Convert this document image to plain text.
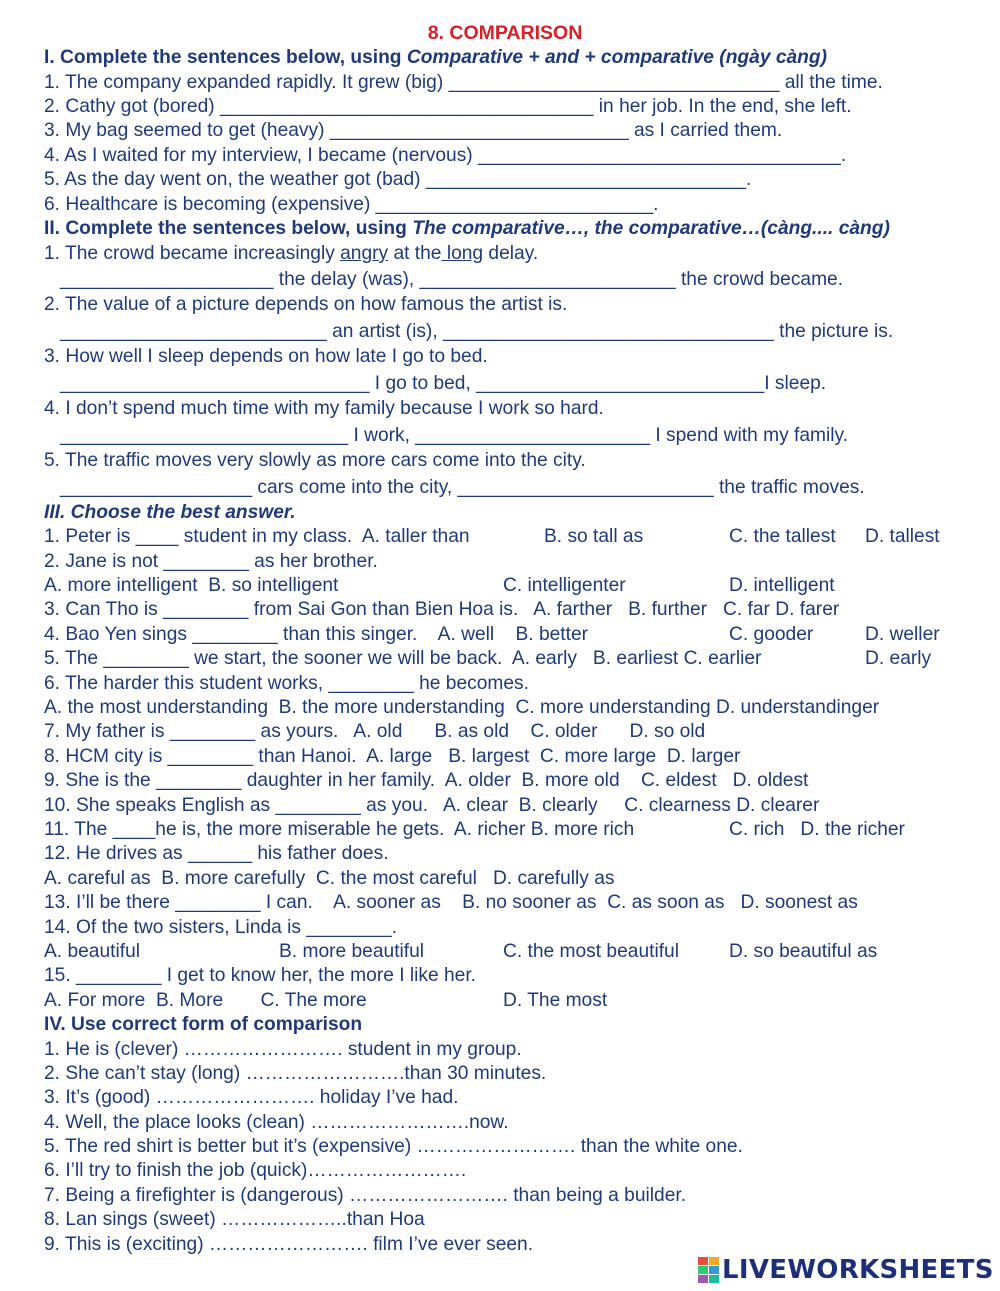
8. COMPARISON
I. Complete the sentences below, using Comparative + and + comparative (ngày càng)
1. The company expanded rapidly. It grew (big) _______________________________ all the time.
2. Cathy got (bored) ___________________________________ in her job. In the end, she left.
3. My bag seemed to get (heavy) ____________________________ as I carried them.
4. As I waited for my interview, I became (nervous) __________________________________.
5. As the day went on, the weather got (bad) ______________________________.
6. Healthcare is becoming (expensive) __________________________.
II. Complete the sentences below, using The comparative…, the comparative…(càng.... càng)
1. The crowd became increasingly angry at the long delay.
____________________ the delay (was), ________________________ the crowd became.
2. The value of a picture depends on how famous the artist is.
_________________________ an artist (is), _______________________________ the picture is.
3. How well I sleep depends on how late I go to bed.
_____________________________ I go to bed, ___________________________I sleep.
4. I don’t spend much time with my family because I work so hard.
___________________________ I work, ______________________ I spend with my family.
5. The traffic moves very slowly as more cars come into the city.
__________________ cars come into the city, ________________________ the traffic moves.
III. Choose the best answer.

1. Peter is ____ student in my class.  A. taller than

	B. so tall as

	C. the tallest

D. tallest

2. Jane is not ________ as her brother.

A. more intelligent  B. so intelligent

	C. intelligenter

	D. intelligent

3. Can Tho is ________ from Sai Gon than Bien Hoa is.   A. farther   B. further   C. far D. farer

4. Bao Yen sings ________ than this singer.    A. well    B. better

	C. gooder

	D. weller

5. The ________ we start, the sooner we will be back.  A. early   B. earliest C. earlier

	D. early

6. The harder this student works, ________ he becomes.
A. the most understanding  B. the more understanding  C. more understanding D. understandinger
7. My father is ________ as yours.   A. old      B. as old    C. older      D. so old
8. HCM city is ________ than Hanoi.  A. large   B. largest  C. more large  D. larger
9. She is the ________ daughter in her family.  A. older  B. more old    C. eldest   D. oldest
10. She speaks English as ________ as you.   A. clear  B. clearly     C. clearness D. clearer

11. The ____he is, the more miserable he gets.  A. richer B. more rich

	C. rich   D. the richer

12. He drives as ______ his father does.
A. careful as  B. more carefully  C. the most careful   D. carefully as
13. I’ll be there ________ I can.    A. sooner as    B. no sooner as  C. as soon as   D. soonest as
14. Of the two sisters, Linda is ________.

A. beautiful

	B. more beautiful

	C. the most beautiful

	D. so beautiful as

15. ________ I get to know her, the more I like her.

A. For more  B. More       C. The more

	D. The most

IV. Use correct form of comparison
1. He is (clever) ……………………. student in my group.
2. She can’t stay (long) …………………….than 30 minutes.
3. It’s (good) ……………………. holiday I’ve had.
4. Well, the place looks (clean) …………………….now.
5. The red shirt is better but it’s (expensive) ……………………. than the white one.
6. I’ll try to finish the job (quick)…………………….
7. Being a firefighter is (dangerous) ……………………. than being a builder.
8. Lan sings (sweet) ………………..than Hoa
9. This is (exciting) ……………………. film I’ve ever seen.
LIVEWORKSHEETS
